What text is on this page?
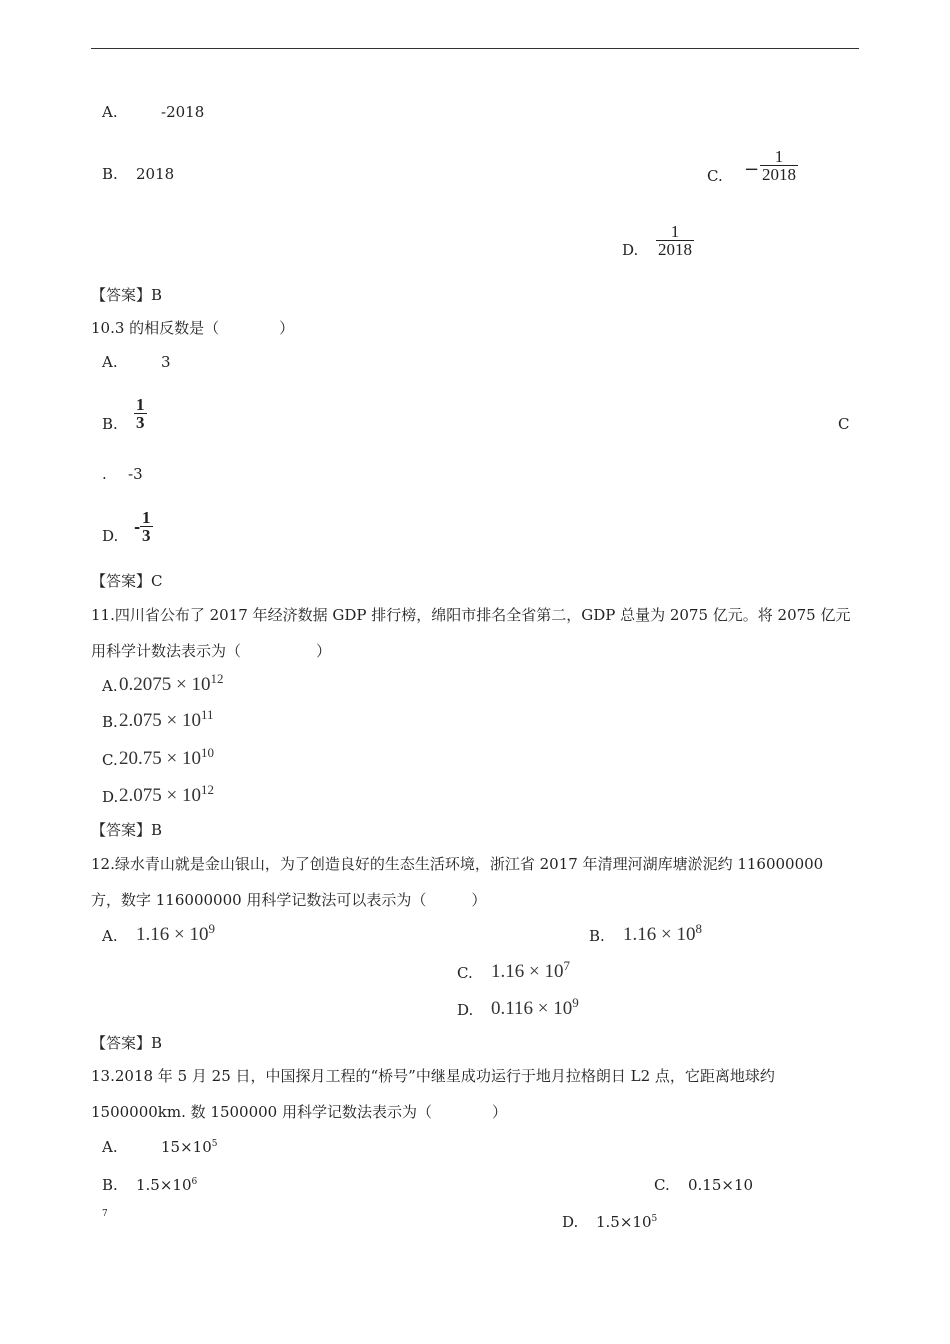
A.	-2018
B. 2018	C. − $\frac{1}{2018}$
D. $\frac{1}{2018}$
【答案】B
10.3 的相反数是（　　　　）
A.	3
B. $\frac{1}{3}$	C
. -3
D. - $\frac{1}{3}$
【答案】C
11.四川省公布了 2017 年经济数据 GDP 排行榜，绵阳市排名全省第二，GDP 总量为 2075 亿元。将 2075 亿元
用科学计数法表示为（　　　　　）
A. $0.2075 \times 10^{12}$
B. $2.075 \times 10^{11}$
C. $20.75 \times 10^{10}$
D. $2.075 \times 10^{12}$
【答案】B
12.绿水青山就是金山银山，为了创造良好的生态生活环境，浙江省 2017 年清理河湖库塘淤泥约 116000000
方，数字 116000000 用科学记数法可以表示为（　　　）
A. $1.16 \times 10^9$	B. $1.16 \times 10^8$
C. $1.16 \times 10^7$
D. $0.116 \times 10^9$
【答案】B
13.2018 年 5 月 25 日，中国探月工程的“桥号”中继星成功运行于地月拉格朗日 L2 点，它距离地球约
1500000km. 数 1500000 用科学记数法表示为（　　　　）
A.	$15\times 10^5$
B. $1.5\times 10^6$	C. 0.15×10
7	D. $1.5\times 10^5$
